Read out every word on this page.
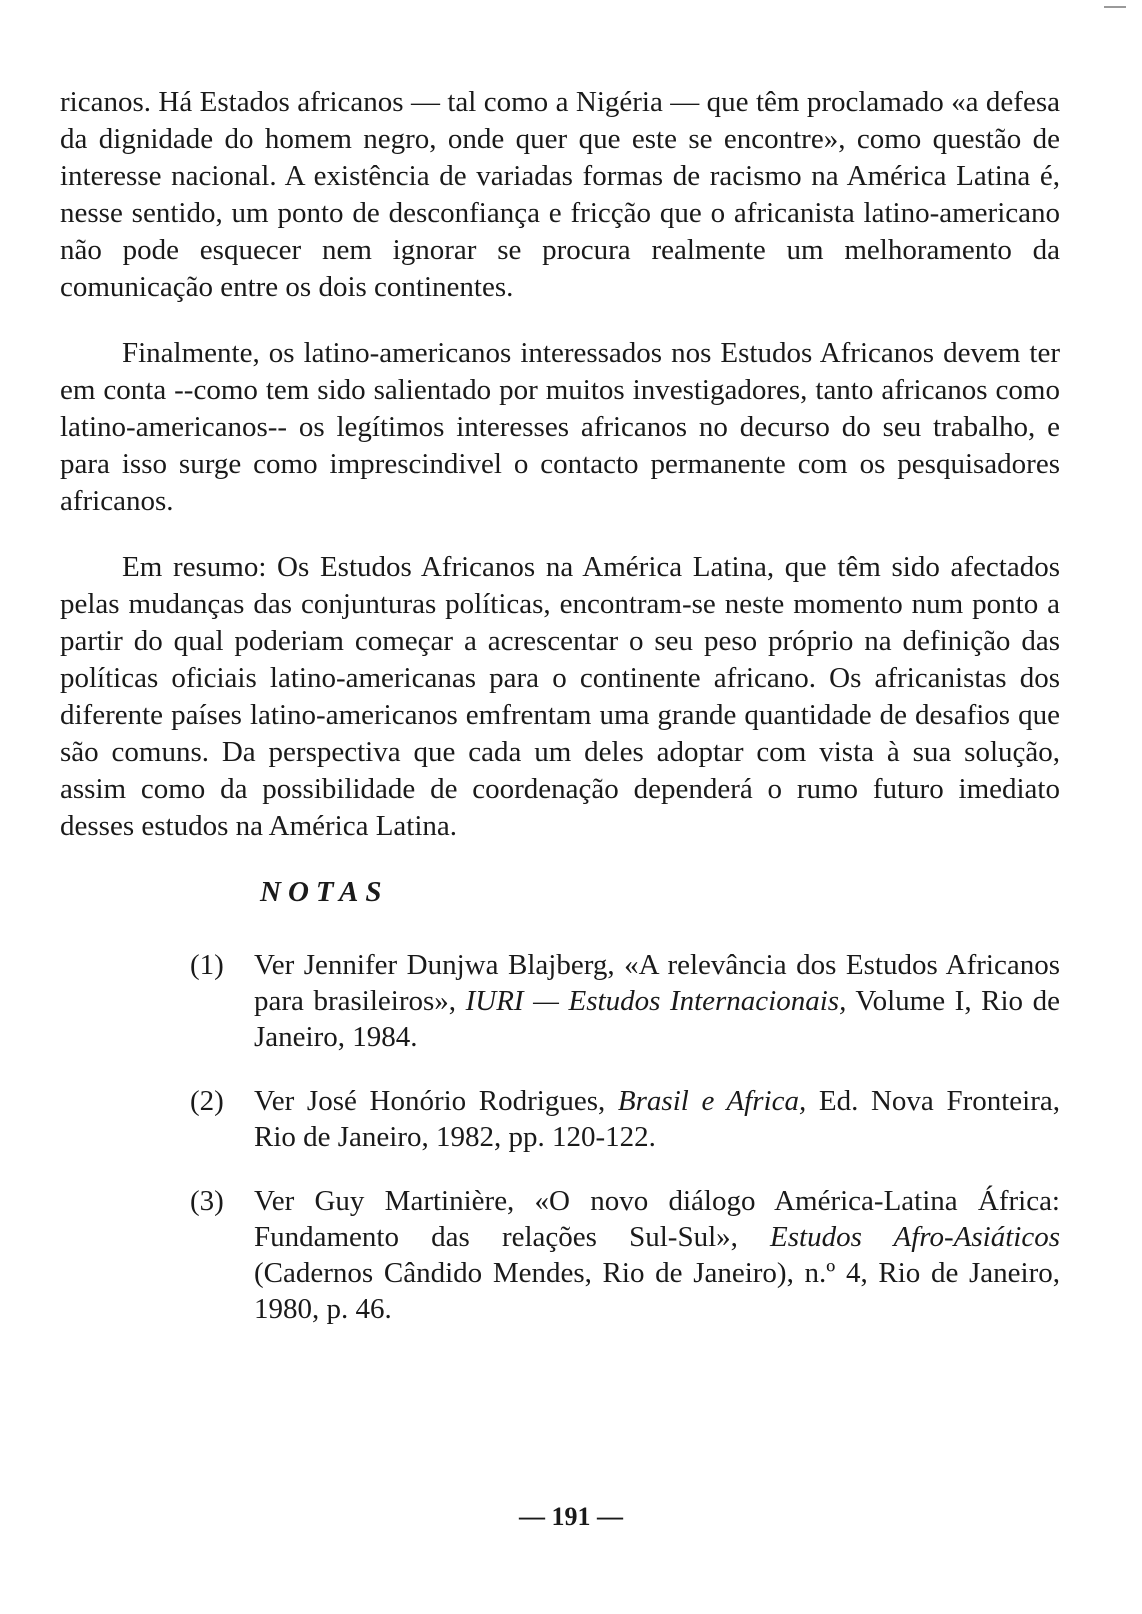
ricanos. Há Estados africanos — tal como a Nigéria — que têm proclamado «a defesa da dignidade do homem negro, onde quer que este se encontre», como questão de interesse nacional. A existência de variadas formas de racismo na América Latina é, nesse sentido, um ponto de desconfiança e fricção que o africanista latino-americano não pode esquecer nem ignorar se procura realmente um melhoramento da comunicação entre os dois continentes.

Finalmente, os latino-americanos interessados nos Estudos Africanos devem ter em conta --como tem sido salientado por muitos investigadores, tanto africanos como latino-americanos-- os legítimos interesses africanos no decurso do seu trabalho, e para isso surge como imprescindivel o contacto permanente com os pesquisadores africanos.

Em resumo: Os Estudos Africanos na América Latina, que têm sido afectados pelas mudanças das conjunturas políticas, encontram-se neste momento num ponto a partir do qual poderiam começar a acrescentar o seu peso próprio na definição das políticas oficiais latino-americanas para o continente africano. Os africanistas dos diferente países latino-americanos emfrentam uma grande quantidade de desafios que são comuns. Da perspectiva que cada um deles adoptar com vista à sua solução, assim como da possibilidade de coordenação dependerá o rumo futuro imediato desses estudos na América Latina.

NOTAS
(1) Ver Jennifer Dunjwa Blajberg, «A relevância dos Estudos Africanos para brasileiros», IURI — Estudos Internacionais, Volume I, Rio de Janeiro, 1984.
(2) Ver José Honório Rodrigues, Brasil e Africa, Ed. Nova Fronteira, Rio de Janeiro, 1982, pp. 120-122.
(3) Ver Guy Martinière, «O novo diálogo América-Latina África: Fundamento das relações Sul-Sul», Estudos Afro-Asiáticos (Cadernos Cândido Mendes, Rio de Janeiro), n.º 4, Rio de Janeiro, 1980, p. 46.
— 191 —
